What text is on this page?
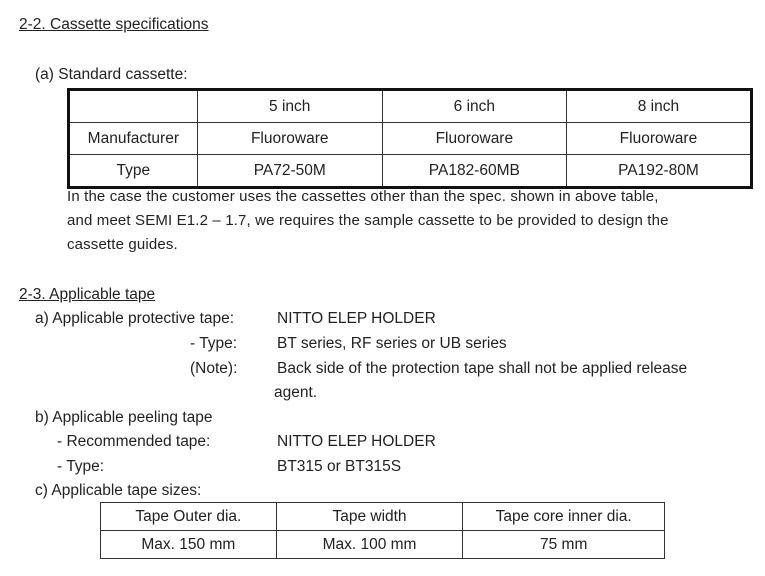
2-2. Cassette specifications
(a) Standard cassette:
	5 inch	6 inch	8 inch
Manufacturer	Fluoroware	Fluoroware	Fluoroware
Type	PA72-50M	PA182-60MB	PA192-80M
In the case the customer uses the cassettes other than the spec. shown in above table,
and meet SEMI E1.2 – 1.7, we requires the sample cassette to be provided to design the
cassette guides.
2-3. Applicable tape
a) Applicable protective tape:	NITTO ELEP HOLDER
- Type:	BT series, RF series or UB series
(Note):	Back side of the protection tape shall not be applied release
agent.
b) Applicable peeling tape
- Recommended tape:	NITTO ELEP HOLDER
- Type:	BT315 or BT315S
c) Applicable tape sizes:
Tape Outer dia.	Tape width	Tape core inner dia.
Max. 150 mm	Max. 100 mm	75 mm
